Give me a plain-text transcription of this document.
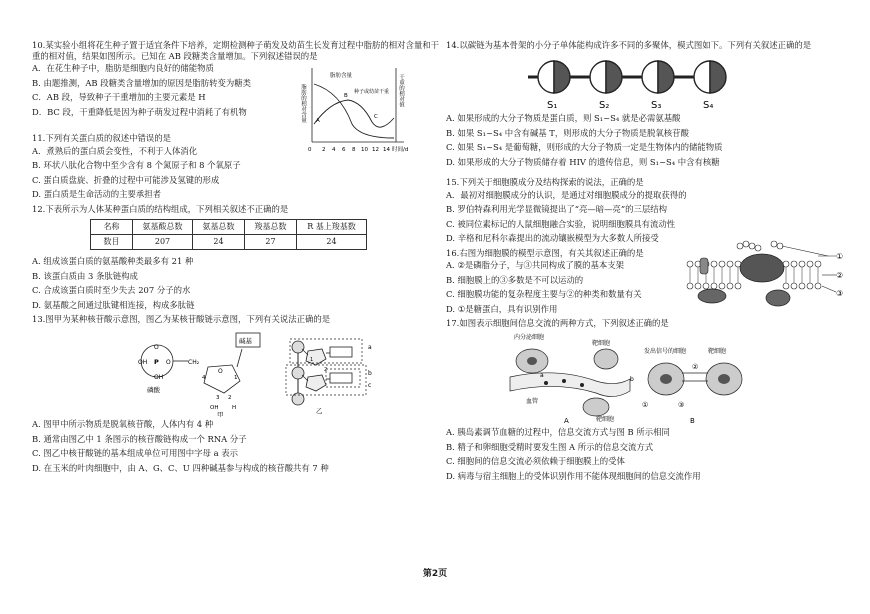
10.某实验小组将花生种子置于适宜条件下培养，定期检测种子萌发及幼苗生长发育过程中脂肪的相对含量和干重的相对值，结果如图所示。已知在 AB 段糖类含量增加。下列叙述错误的是

A．在花生种子中，脂肪是细胞内良好的储能物质

B. 由题推测，AB 段糖类含量增加的原因是脂肪转变为糖类

C．AB 段，导致种子干重增加的主要元素是 H

D．BC 段，干重降低是因为种子萌发过程中消耗了有机物	脂肪的相对含量	干重的相对值
脂肪含量
种子或幼苗干重
A
B
C
0 2 4 6 8 10 12 14 时间/d

11.下列有关蛋白质的叙述中错误的是

A．煮熟后的蛋白质会变性，不利于人体消化

B. 环状八肽化合物中至少含有 8 个氮原子和 8 个氧原子

C. 蛋白质盘旋、折叠的过程中可能涉及氢键的形成

D. 蛋白质是生命活动的主要承担者

12.下表所示为人体某种蛋白质的结构组成，下列相关叙述不正确的是

名称	氨基酸总数	氨基总数	羧基总数	R 基上羧基数
数目	207	24	27	24

A. 组成该蛋白质的氨基酸种类最多有 21 种

B. 该蛋白质由 3 条肽链构成

C. 合成该蛋白质时至少失去 207 分子的水

D. 氨基酸之间通过肽键相连接，构成多肽链

13.图甲为某种核苷酸示意图，图乙为某核苷酸链示意图，下列有关说法正确的是

O
OH
OH P O
磷酸
CH₂
O
4	1
3 2
OH H
碱基
甲
a
b
c
1
2
乙

A. 图甲中所示物质是脱氧核苷酸，人体内有 4 种

B. 通常由图乙中 1 条图示的核苷酸链构成一个 RNA 分子

C. 图乙中核苷酸链的基本组成单位可用图中字母 a 表示

D. 在玉米的叶肉细胞中，由 A、G、C、U 四种碱基参与构成的核苷酸共有 7 种

14.以碳链为基本骨架的小分子单体能构成许多不同的多聚体，模式图如下。下列有关叙述正确的是

S₁	S₂	S₃	S₄

A. 如果形成的大分子物质是蛋白质，则 S₁~S₄ 就是必需氨基酸

B. 如果 S₁~S₄ 中含有碱基 T，则形成的大分子物质是脱氧核苷酸

C. 如果 S₁~S₄ 是葡萄糖，则形成的大分子物质一定是生物体内的储能物质

D. 如果形成的大分子物质储存着 HIV 的遗传信息，则 S₁~S₄ 中含有核糖

15.下列关于细胞膜成分及结构探索的说法，正确的是

A．最初对细胞膜成分的认识，是通过对细胞膜成分的提取获得的

B. 罗伯特森利用光学显微镜提出了“亮—暗—亮”的三层结构

C. 被同位素标记的人鼠细胞融合实验，说明细胞膜具有流动性

D. 辛格和尼科尔森提出的流动镶嵌模型为大多数人所接受

16.右图为细胞膜的模型示意图，有关其叙述正确的是

A. ②是磷脂分子，与③共同构成了膜的基本支架

B. 细胞膜上的③多数是不可以运动的

C. 细胞膜功能的复杂程度主要与②的种类和数量有关

D. ①是糖蛋白，具有识别作用

①
②
③

17.如图表示细胞间信息交流的两种方式，下列叙述正确的是

内分泌细胞
靶细胞
血管
靶细胞
a
b
A
发出信号的细胞	靶细胞
①
②
③
B

A. 胰岛素调节血糖的过程中，信息交流方式与图 B 所示相同

B. 精子和卵细胞受精时要发生图 A 所示的信息交流方式

C. 细胞间的信息交流必须依赖于细胞膜上的受体

D. 病毒与宿主细胞上的受体识别作用不能体现细胞间的信息交流作用

第2页
